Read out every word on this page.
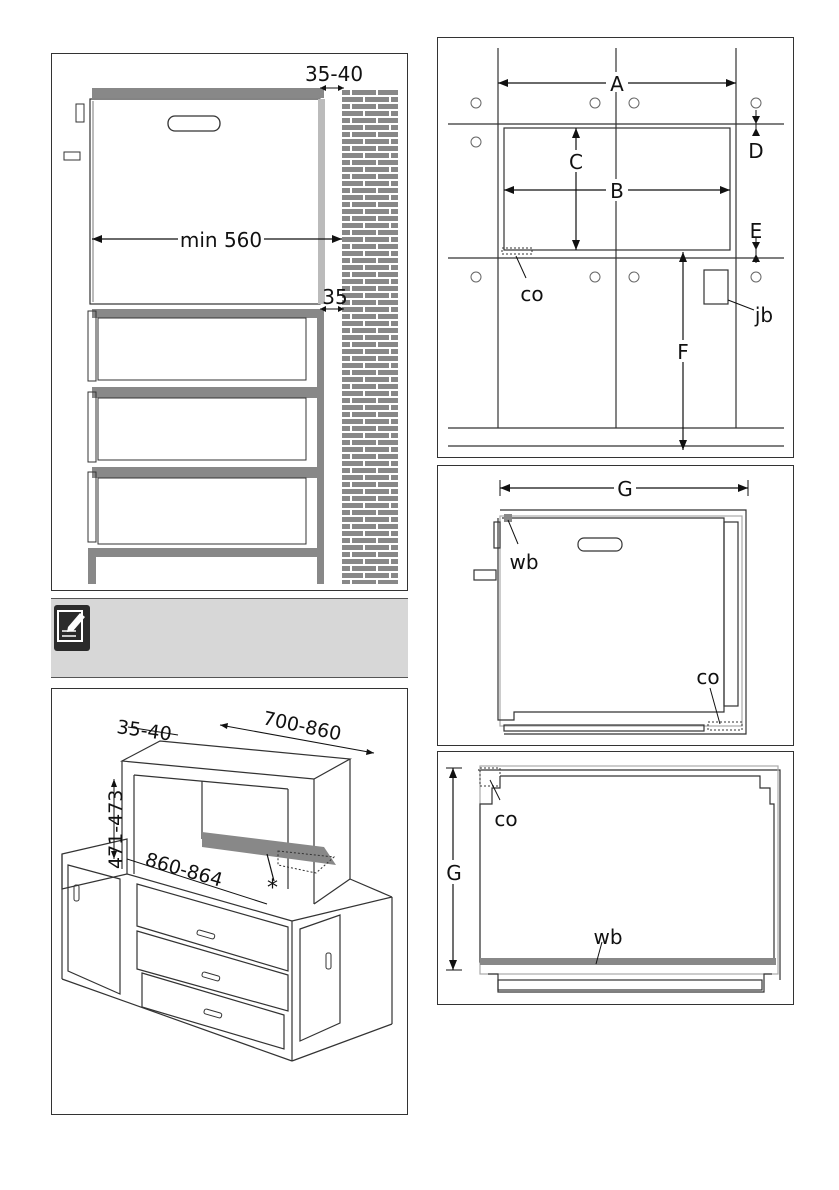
min 560
35-40
35
35-40	700-860
471-473
860-864 *
A
B
C	D
E
F
co
jb
G
wb
co
G
co
wb
